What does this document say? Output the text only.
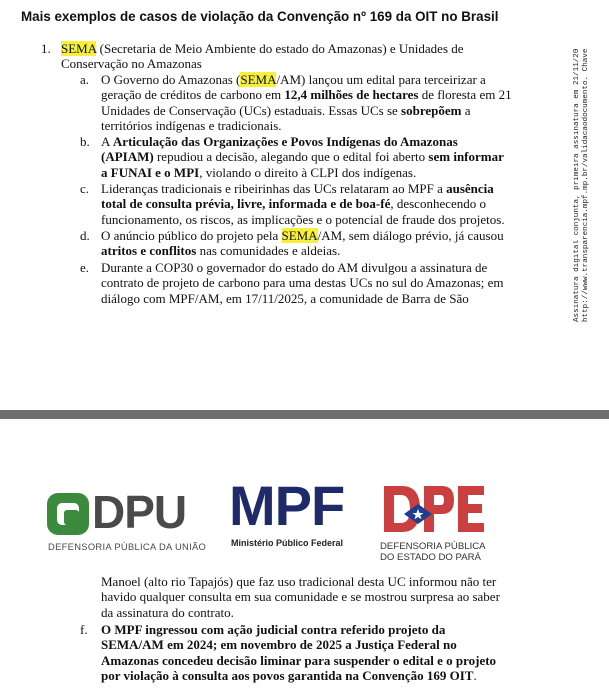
Mais exemplos de casos de violação da Convenção nº 169 da OIT no Brasil
1. SEMA (Secretaria de Meio Ambiente do estado do Amazonas) e Unidades de
Conservação no Amazonas
a. O Governo do Amazonas (SEMA/AM) lançou um edital para terceirizar a
geração de créditos de carbono em 12,4 milhões de hectares de floresta em 21
Unidades de Conservação (UCs) estaduais. Essas UCs se sobrepõem a
territórios indígenas e tradicionais.
b. A Articulação das Organizações e Povos Indígenas do Amazonas
(APIAM) repudiou a decisão, alegando que o edital foi aberto sem informar
a FUNAI e o MPI, violando o direito à CLPI dos indígenas.
c. Lideranças tradicionais e ribeirinhas das UCs relataram ao MPF a ausência
total de consulta prévia, livre, informada e de boa-fé, desconhecendo o
funcionamento, os riscos, as implicações e o potencial de fraude dos projetos.
d. O anúncio público do projeto pela SEMA/AM, sem diálogo prévio, já causou
atritos e conflitos nas comunidades e aldeias.
e. Durante a COP30 o governador do estado do AM divulgou a assinatura de
contrato de projeto de carbono para uma destas UCs no sul do Amazonas; em
diálogo com MPF/AM, em 17/11/2025, a comunidade de Barra de São	Assinatura digital conjunta, primeira assinatura em 21/11/20 http://www.transparencia.mpf.mp.br/validacaodocumento. Chave
DPU
DEFENSORIA PÚBLICA DA UNIÃO
MPF
Ministério Público Federal	DEFENSORIA PÚBLICA
DO ESTADO DO PARÁ
Manoel (alto rio Tapajós) que faz uso tradicional desta UC informou não ter
havido qualquer consulta em sua comunidade e se mostrou surpresa ao saber
da assinatura do contrato.
f. O MPF ingressou com ação judicial contra referido projeto da
SEMA/AM em 2024; em novembro de 2025 a Justiça Federal no
Amazonas concedeu decisão liminar para suspender o edital e o projeto
por violação à consulta aos povos garantida na Convenção 169 OIT.
